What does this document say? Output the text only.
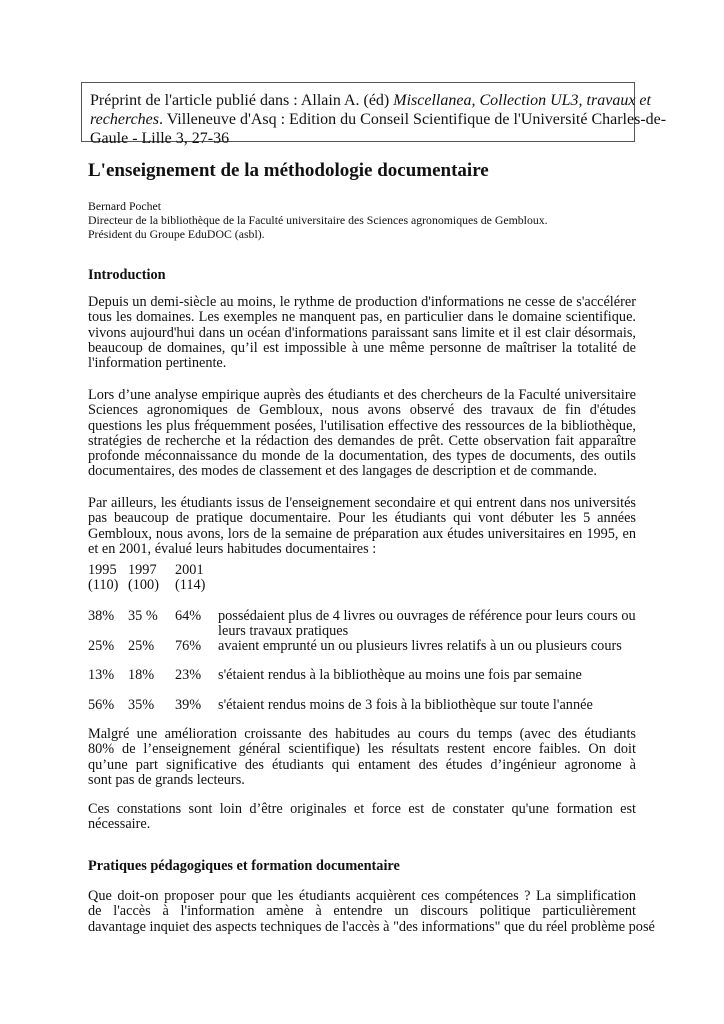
Préprint de l'article publié dans : Allain A. (éd) Miscellanea, Collection UL3, travaux et
recherches. Villeneuve d'Asq : Edition du Conseil Scientifique de l'Université Charles-de-
Gaule - Lille 3, 27-36
L'enseignement de la méthodologie documentaire
Bernard Pochet
Directeur de la bibliothèque de la Faculté universitaire des Sciences agronomiques de Gembloux.
Président du Groupe EduDOC (asbl).
Introduction
Depuis un demi-siècle au moins, le rythme de production d'informations ne cesse de s'accélérer
tous les domaines. Les exemples ne manquent pas, en particulier dans le domaine scientifique.
vivons aujourd'hui dans un océan d'informations paraissant sans limite et il est clair désormais,
beaucoup de domaines, qu’il est impossible à une même personne de maîtriser la totalité de
l'information pertinente.
Lors d’une analyse empirique auprès des étudiants et des chercheurs de la Faculté universitaire
Sciences agronomiques de Gembloux, nous avons observé des travaux de fin d'études
questions les plus fréquemment posées, l'utilisation effective des ressources de la bibliothèque,
stratégies de recherche et la rédaction des demandes de prêt. Cette observation fait apparaître
profonde méconnaissance du monde de la documentation, des types de documents, des outils
documentaires, des modes de classement et des langages de description et de commande.
Par ailleurs, les étudiants issus de l'enseignement secondaire et qui entrent dans nos universités
pas beaucoup de pratique documentaire. Pour les étudiants qui vont débuter les 5 années
Gembloux, nous avons, lors de la semaine de préparation aux études universitaires en 1995, en
et en 2001, évalué leurs habitudes documentaires :
1995 1997 2001
(110) (100) (114)
38% 35 % 64% possédaient plus de 4 livres ou ouvrages de référence pour leurs cours ou
leurs travaux pratiques
25% 25% 76% avaient emprunté un ou plusieurs livres relatifs à un ou plusieurs cours
13% 18% 23% s'étaient rendus à la bibliothèque au moins une fois par semaine
56% 35% 39% s'étaient rendus moins de 3 fois à la bibliothèque sur toute l'année
Malgré une amélioration croissante des habitudes au cours du temps (avec des étudiants
80% de l’enseignement général scientifique) les résultats restent encore faibles. On doit
qu’une part significative des étudiants qui entament des études d’ingénieur agronome à
sont pas de grands lecteurs.
Ces constations sont loin d’être originales et force est de constater qu'une formation est
nécessaire.
Pratiques pédagogiques et formation documentaire
Que doit-on proposer pour que les étudiants acquièrent ces compétences ? La simplification
de l'accès à l'information amène à entendre un discours politique particulièrement
davantage inquiet des aspects techniques de l'accès à "des informations" que du réel problème posé
